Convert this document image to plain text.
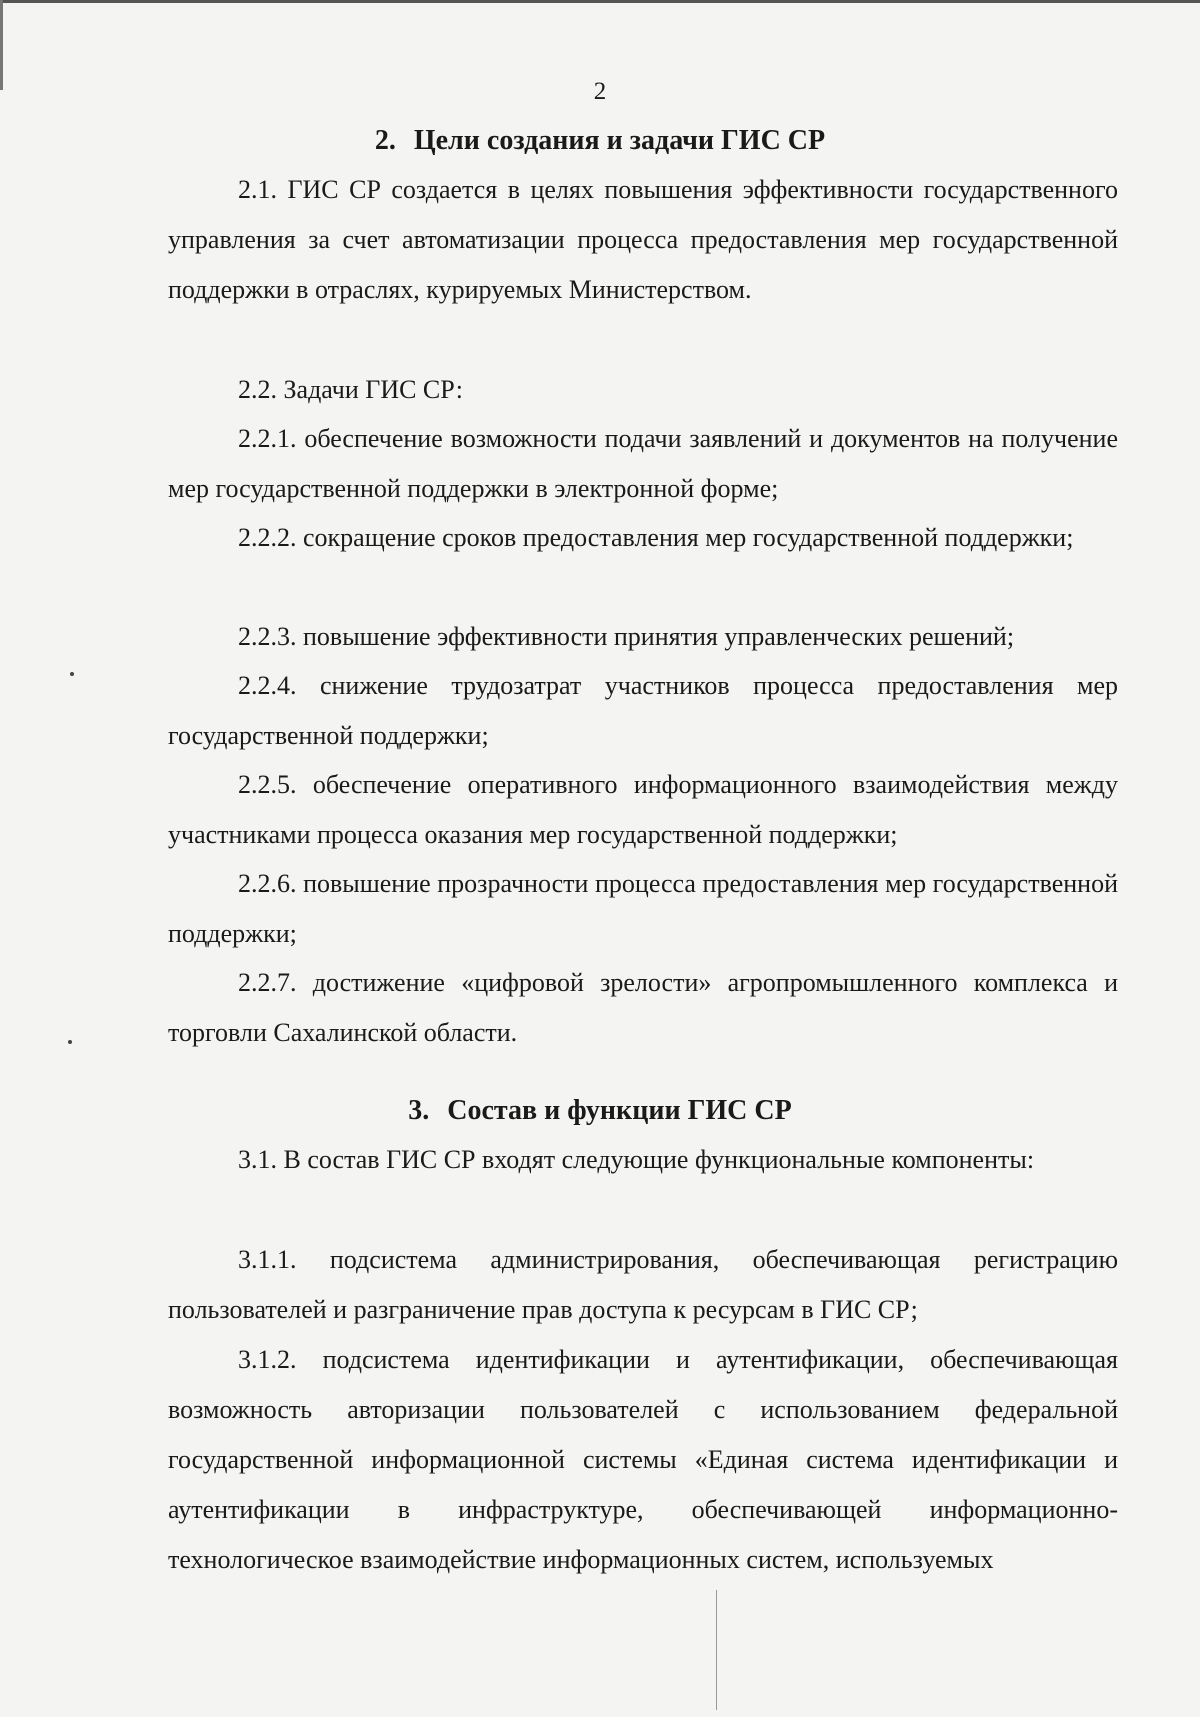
2
2. Цели создания и задачи ГИС СР

2.1. ГИС СР создается в целях повышения эффективности государственного управления за счет автоматизации процесса предоставления мер государственной поддержки в отраслях, курируемых Министерством.

2.2. Задачи ГИС СР:

2.2.1. обеспечение возможности подачи заявлений и документов на получение мер государственной поддержки в электронной форме;

2.2.2. сокращение сроков предоставления мер государственной поддержки;

2.2.3. повышение эффективности принятия управленческих решений;

2.2.4. снижение трудозатрат участников процесса предоставления мер государственной поддержки;

2.2.5. обеспечение оперативного информационного взаимодействия между участниками процесса оказания мер государственной поддержки;

2.2.6. повышение прозрачности процесса предоставления мер государственной поддержки;

2.2.7. достижение «цифровой зрелости» агропромышленного комплекса и торговли Сахалинской области.

3. Состав и функции ГИС СР

3.1. В состав ГИС СР входят следующие функциональные компоненты:

3.1.1. подсистема администрирования, обеспечивающая регистрацию пользователей и разграничение прав доступа к ресурсам в ГИС СР;

3.1.2. подсистема идентификации и аутентификации, обеспечивающая возможность авторизации пользователей с использованием федеральной государственной информационной системы «Единая система идентификации и аутентификации в инфраструктуре, обеспечивающей информационно-технологическое взаимодействие информационных систем, используемых
